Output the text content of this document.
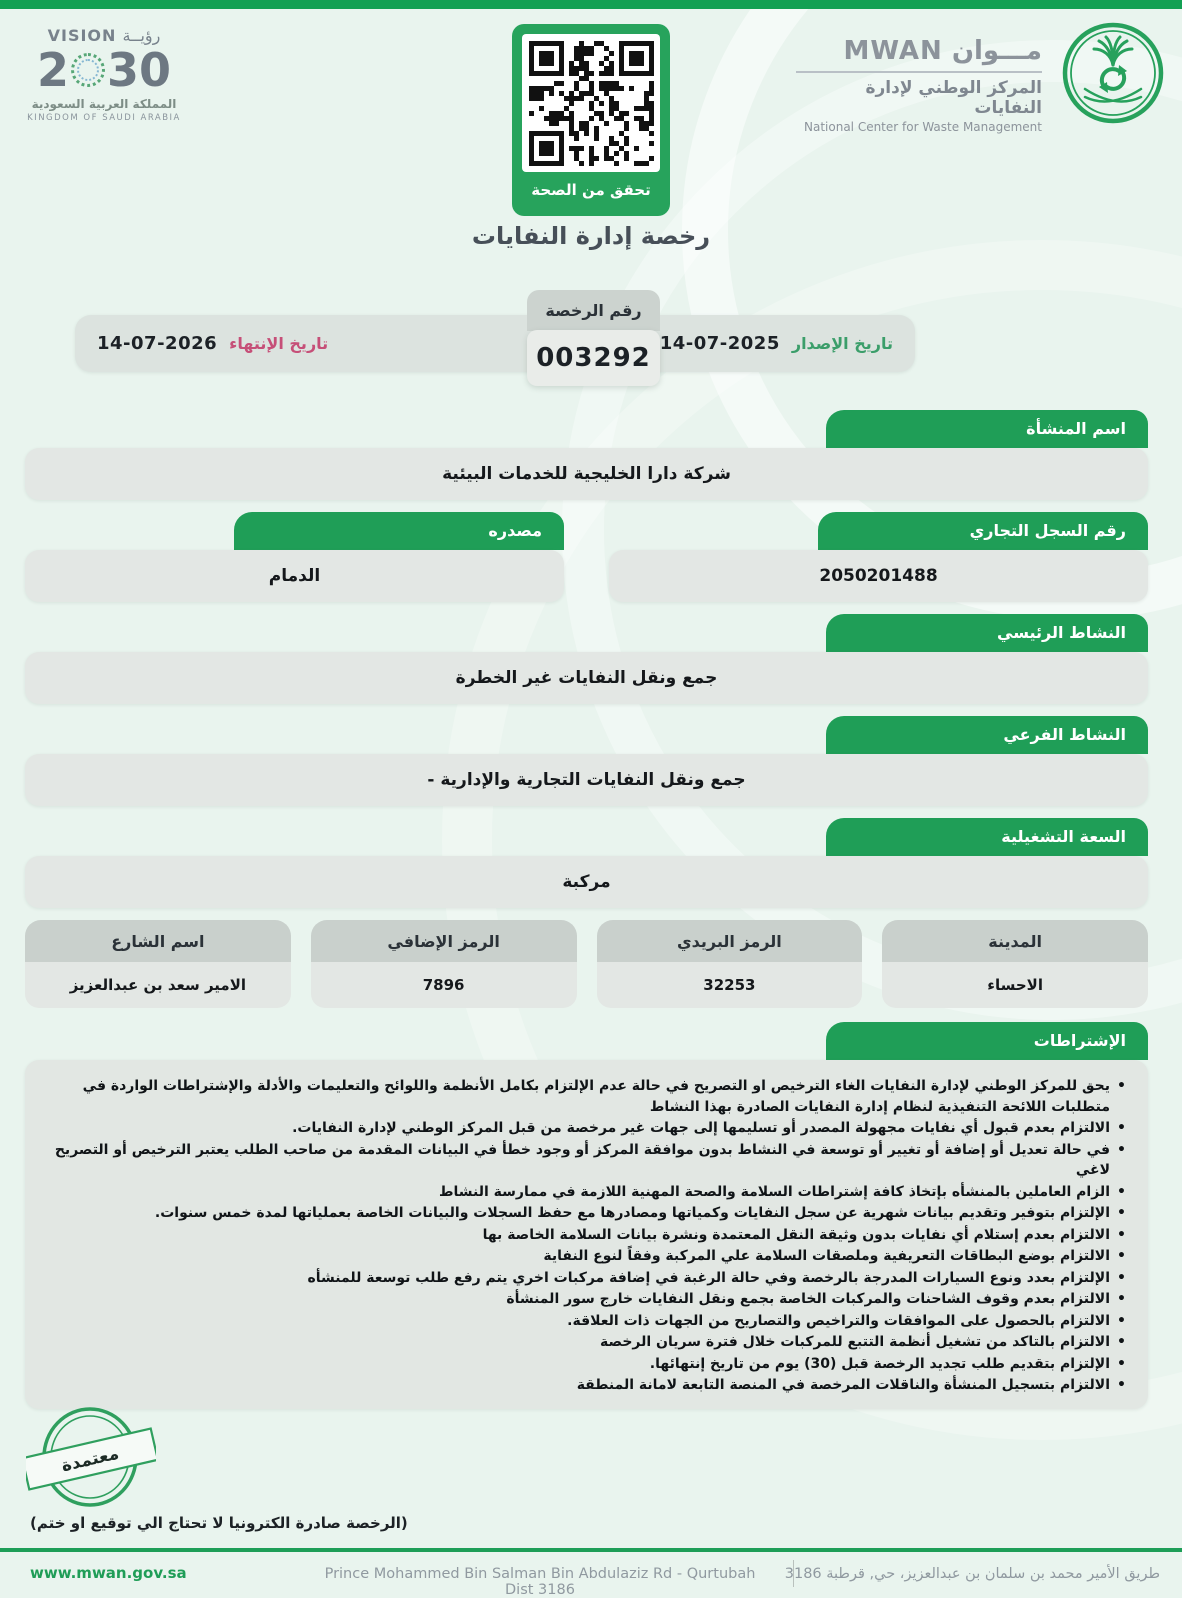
VISION رؤيــة
2 30
المملكة العربية السعودية
KINGDOM OF SAUDI ARABIA
تحقق من الصحة
مـــوان MWAN
المركز الوطني لإدارة النفايات
National Center for Waste Management
رخصة إدارة النفايات
تاريخ الإنتهاء
14-07-2026	تاريخ الإصدار
14-07-2025
رقم الرخصة
003292
اسم المنشأة
شركة دارا الخليجية للخدمات البيئية
مصدره
الدمام
رقم السجل التجاري
2050201488
النشاط الرئيسي
جمع ونقل النفايات غير الخطرة
النشاط الفرعي
جمع ونقل النفايات التجارية والإدارية -
السعة التشغيلية
مركبة
اسم الشارع
الامير سعد بن عبدالعزيز
الرمز الإضافي
7896
الرمز البريدي
32253
المدينة
الاحساء
الإشتراطات
• يحق للمركز الوطني لإدارة النفايات الغاء الترخيص او التصريح في حالة عدم الإلتزام بكامل الأنظمة واللوائح والتعليمات والأدلة والإشتراطات الواردة في متطلبات اللائحة التنفيذية لنظام إدارة النفايات الصادرة بهذا النشاط
• الالتزام بعدم قبول أي نفايات مجهولة المصدر أو تسليمها إلى جهات غير مرخصة من قبل المركز الوطني لإدارة النفايات.
• في حالة تعديل أو إضافة أو تغيير أو توسعة في النشاط بدون موافقة المركز أو وجود خطأ في البيانات المقدمة من صاحب الطلب يعتبر الترخيص أو التصريح لاغي
• الزام العاملين بالمنشأه بإتخاذ كافة إشتراطات السلامة والصحة المهنية اللازمة في ممارسة النشاط
• الإلتزام بتوفير وتقديم بيانات شهرية عن سجل النفايات وكمياتها ومصادرها مع حفظ السجلات والبيانات الخاصة بعملياتها لمدة خمس سنوات.
• الالتزام بعدم إستلام أي نفايات بدون وثيقة النقل المعتمدة ونشرة بيانات السلامة الخاصة بها
• الالتزام بوضع البطاقات التعريفية وملصقات السلامة علي المركبة وفقاً لنوع النفاية
• الإلتزام بعدد ونوع السيارات المدرجة بالرخصة وفي حالة الرغبة في إضافة مركبات اخري يتم رفع طلب توسعة للمنشأه
• الالتزام بعدم وقوف الشاحنات والمركبات الخاصة بجمع ونقل النفايات خارج سور المنشأة
• الالتزام بالحصول على الموافقات والتراخيص والتصاريح من الجهات ذات العلاقة.
• الالتزام بالتاكد من تشغيل أنظمة التتبع للمركبات خلال فترة سريان الرخصة
• الإلتزام بتقديم طلب تجديد الرخصة قبل (30) يوم من تاريخ إنتهائها.
• الالتزام بتسجيل المنشأة والناقلات المرخصة في المنصة التابعة لامانة المنطقة
معتمدة
(الرخصة صادرة الكترونيا لا تحتاج الي توقيع او ختم)
www.mwan.gov.sa	Prince Mohammed Bin Salman Bin Abdulaziz Rd - Qurtubah Dist 3186
طريق الأمير محمد بن سلمان بن عبدالعزيز، حي, قرطبة 3186
